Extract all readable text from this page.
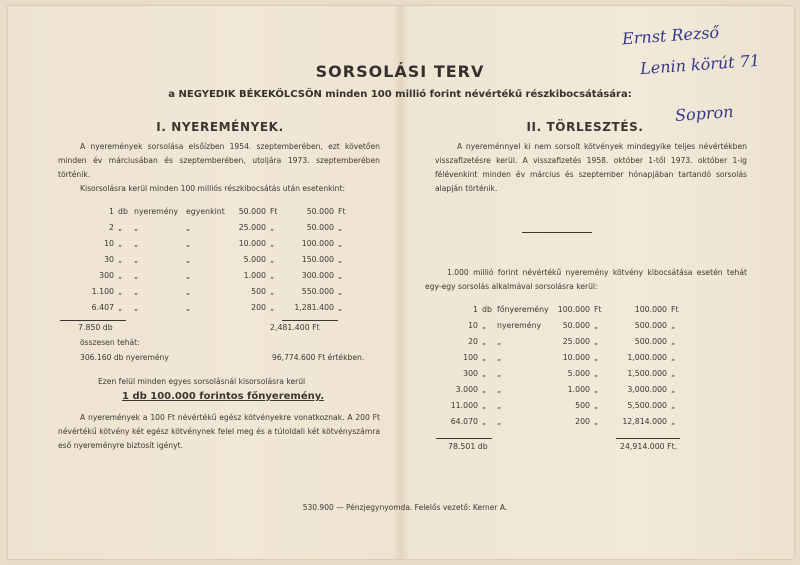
SORSOLÁSI TERV
a NEGYEDIK BÉKEKÖLCSÖN minden 100 millió forint névértékű részkibocsátására:
Ernst Rezső
Lenin körút 71
Sopron
I. NYEREMÉNYEK.
A nyeremények sorsolása elsőízben 1954. szeptemberében, ezt követően minden év márciusában és szeptemberében, utoljára 1973. szeptemberében történik.
Kisorsolásra kerül minden 100 milliós részkibocsátás után esetenkint:
1 db nyeremény egyenkint 50.000 Ft	50.000 Ft
2 „ „	„	25.000 „	50.000 „
10 „ „	„	10.000 „	100.000 „
30 „ „	„	5.000 „	150.000 „
300 „ „	„	1.000 „	300.000 „
1.100 „ „	„	500 „	550.000 „
6.407 „ „	„	200 „	1,281.400 „
7.850 db	2,481.400 Ft
összesen tehát:
306.160 db nyeremény	96,774.600 Ft értékben.
Ezen felül minden egyes sorsolásnál kisorsolásra kerül
1 db 100.000 forintos főnyeremény.
A nyeremények a 100 Ft névértékű egész kötvényekre vonatkoznak. A 200 Ft névértékű kötvény két egész kötvénynek felel meg és a túloldali két kötvényszámra eső nyereményre biztosít igényt.
II. TÖRLESZTÉS.
A nyereménnyel ki nem sorsolt kötvények mindegyike teljes névértékben visszafizetésre kerül. A visszafizetés 1958. október 1-től 1973. október 1-ig félévenkint minden év március és szeptember hónapjában tartandó sorsolás alapján történik.
1.000 millió forint névértékű nyeremény kötvény kibocsátása esetén tehát egy-egy sorsolás alkalmával sorsolásra kerül:
1 db főnyeremény 100.000 Ft	100.000 Ft
10 „ nyeremény	50.000 „	500.000 „
20 „ „	25.000 „	500.000 „
100 „ „	10.000 „	1,000.000 „
300 „ „	5.000 „	1,500.000 „
3.000 „ „	1.000 „	3,000.000 „
11.000 „ „	500 „	5,500.000 „
64.070 „ „	200 „	12,814.000 „
78.501 db	24,914.000 Ft.
530.900 — Pénzjegynyomda. Felelős vezető: Kerner A.
